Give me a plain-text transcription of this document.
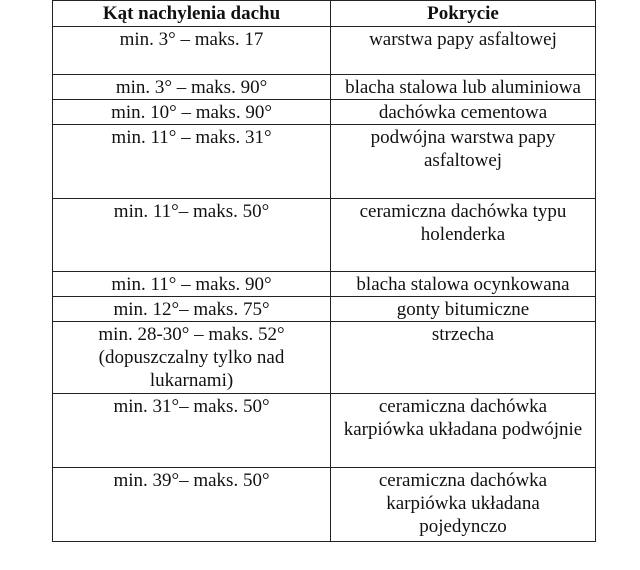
Kąt nachylenia dachu	Pokrycie
min. 3° – maks. 17	warstwa papy asfaltowej
min. 3° – maks. 90°	blacha stalowa lub aluminiowa
min. 10° – maks. 90°	dachówka cementowa
min. 11° – maks. 31°	podwójna warstwa papy
asfaltowej
min. 11°– maks. 50°	ceramiczna dachówka typu
holenderka
min. 11° – maks. 90°	blacha stalowa ocynkowana
min. 12°– maks. 75°	gonty bitumiczne
min. 28-30° – maks. 52°
(dopuszczalny tylko nad
lukarnami)	strzecha
min. 31°– maks. 50°	ceramiczna dachówka
karpiówka układana podwójnie
min. 39°– maks. 50°	ceramiczna dachówka
karpiówka układana
pojedynczo
